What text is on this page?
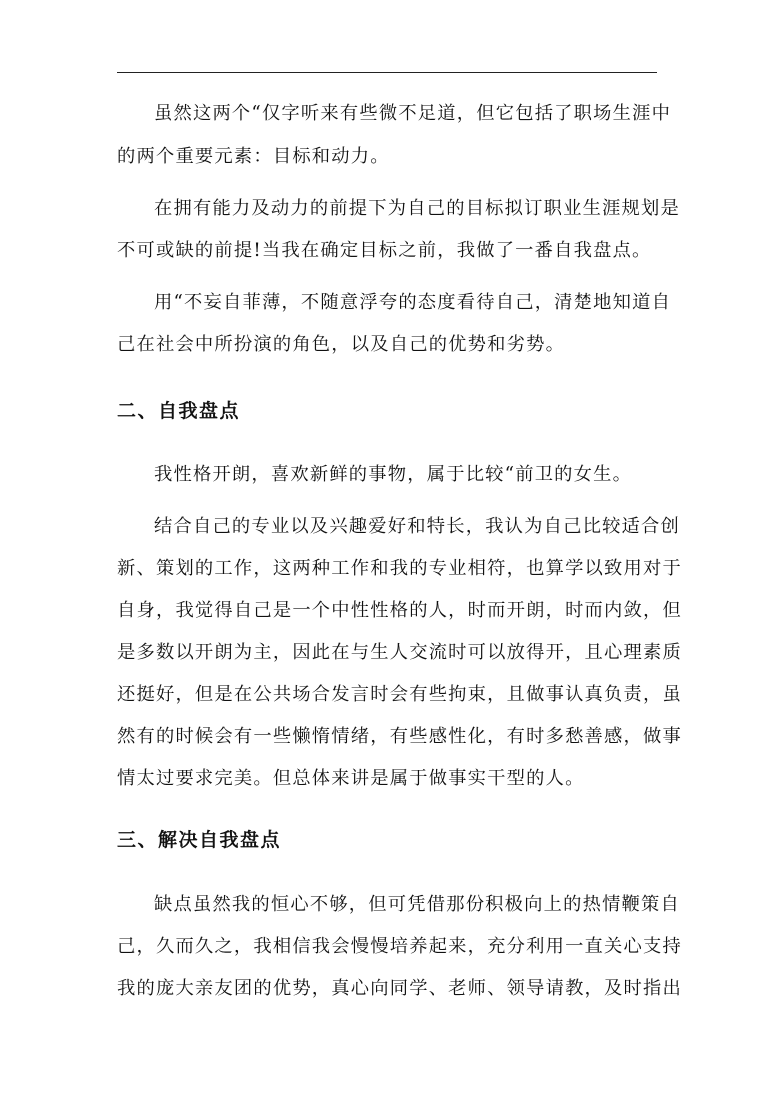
虽然这两个“仅字听来有些微不足道，但它包括了职场生涯中
的两个重要元素：目标和动力。
在拥有能力及动力的前提下为自己的目标拟订职业生涯规划是
不可或缺的前提!当我在确定目标之前，我做了一番自我盘点。
用“不妄自菲薄，不随意浮夸的态度看待自己，清楚地知道自
己在社会中所扮演的角色，以及自己的优势和劣势。
二、自我盘点
我性格开朗，喜欢新鲜的事物，属于比较“前卫的女生。
结合自己的专业以及兴趣爱好和特长，我认为自己比较适合创
新、策划的工作，这两种工作和我的专业相符，也算学以致用对于
自身，我觉得自己是一个中性性格的人，时而开朗，时而内敛，但
是多数以开朗为主，因此在与生人交流时可以放得开，且心理素质
还挺好，但是在公共场合发言时会有些拘束，且做事认真负责，虽
然有的时候会有一些懒惰情绪，有些感性化，有时多愁善感，做事
情太过要求完美。但总体来讲是属于做事实干型的人。
三、解决自我盘点
缺点虽然我的恒心不够，但可凭借那份积极向上的热情鞭策自
己，久而久之，我相信我会慢慢培养起来，充分利用一直关心支持
我的庞大亲友团的优势，真心向同学、老师、领导请教，及时指出
